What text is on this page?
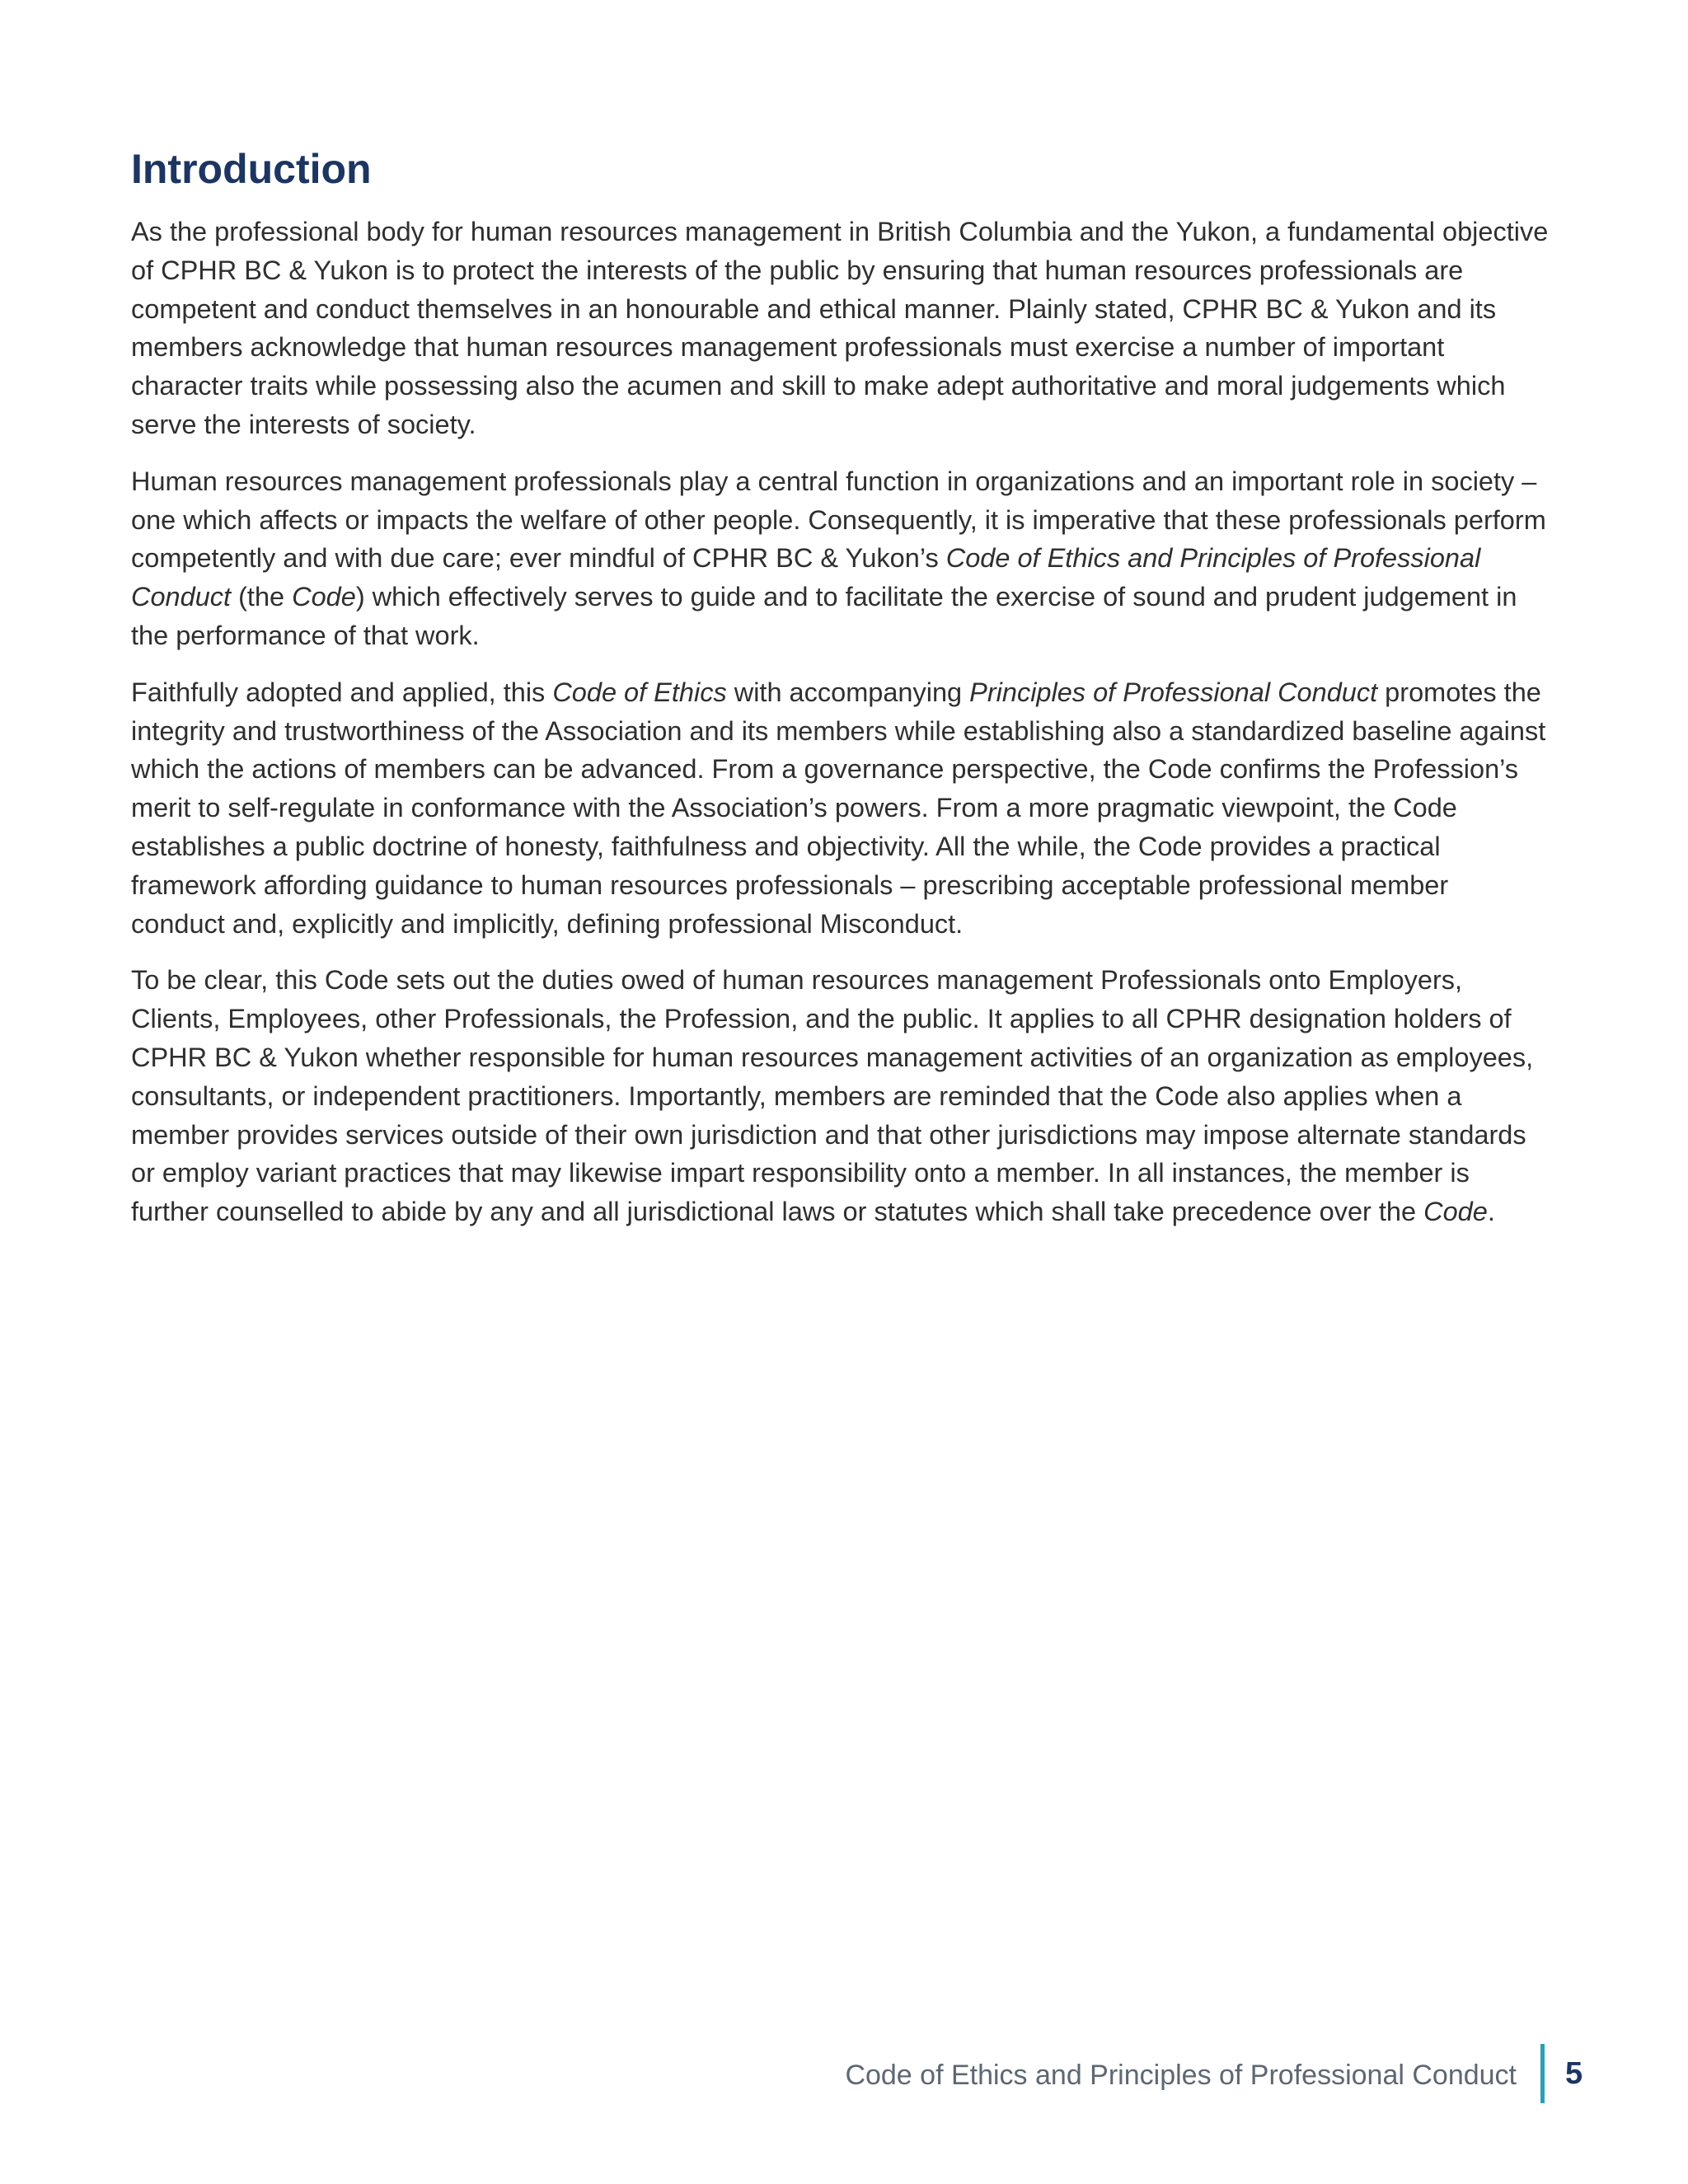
Introduction

As the professional body for human resources management in British Columbia and the Yukon, a fundamental objective of CPHR BC & Yukon is to protect the interests of the public by ensuring that human resources professionals are competent and conduct themselves in an honourable and ethical manner. Plainly stated, CPHR BC & Yukon and its members acknowledge that human resources management professionals must exercise a number of important character traits while possessing also the acumen and skill to make adept authoritative and moral judgements which serve the interests of society.

Human resources management professionals play a central function in organizations and an important role in society – one which affects or impacts the welfare of other people. Consequently, it is imperative that these professionals perform competently and with due care; ever mindful of CPHR BC & Yukon’s Code of Ethics and Principles of Professional Conduct (the Code) which effectively serves to guide and to facilitate the exercise of sound and prudent judgement in the performance of that work.

Faithfully adopted and applied, this Code of Ethics with accompanying Principles of Professional Conduct promotes the integrity and trustworthiness of the Association and its members while establishing also a standardized baseline against which the actions of members can be advanced. From a governance perspective, the Code confirms the Profession’s merit to self-regulate in conformance with the Association’s powers. From a more pragmatic viewpoint, the Code establishes a public doctrine of honesty, faithfulness and objectivity. All the while, the Code provides a practical framework affording guidance to human resources professionals – prescribing acceptable professional member conduct and, explicitly and implicitly, defining professional Misconduct.

To be clear, this Code sets out the duties owed of human resources management Professionals onto Employers, Clients, Employees, other Professionals, the Profession, and the public. It applies to all CPHR designation holders of CPHR BC & Yukon whether responsible for human resources management activities of an organization as employees, consultants, or independent practitioners. Importantly, members are reminded that the Code also applies when a member provides services outside of their own jurisdiction and that other jurisdictions may impose alternate standards or employ variant practices that may likewise impart responsibility onto a member. In all instances, the member is further counselled to abide by any and all jurisdictional laws or statutes which shall take precedence over the Code.

Code of Ethics and Principles of Professional Conduct 5
